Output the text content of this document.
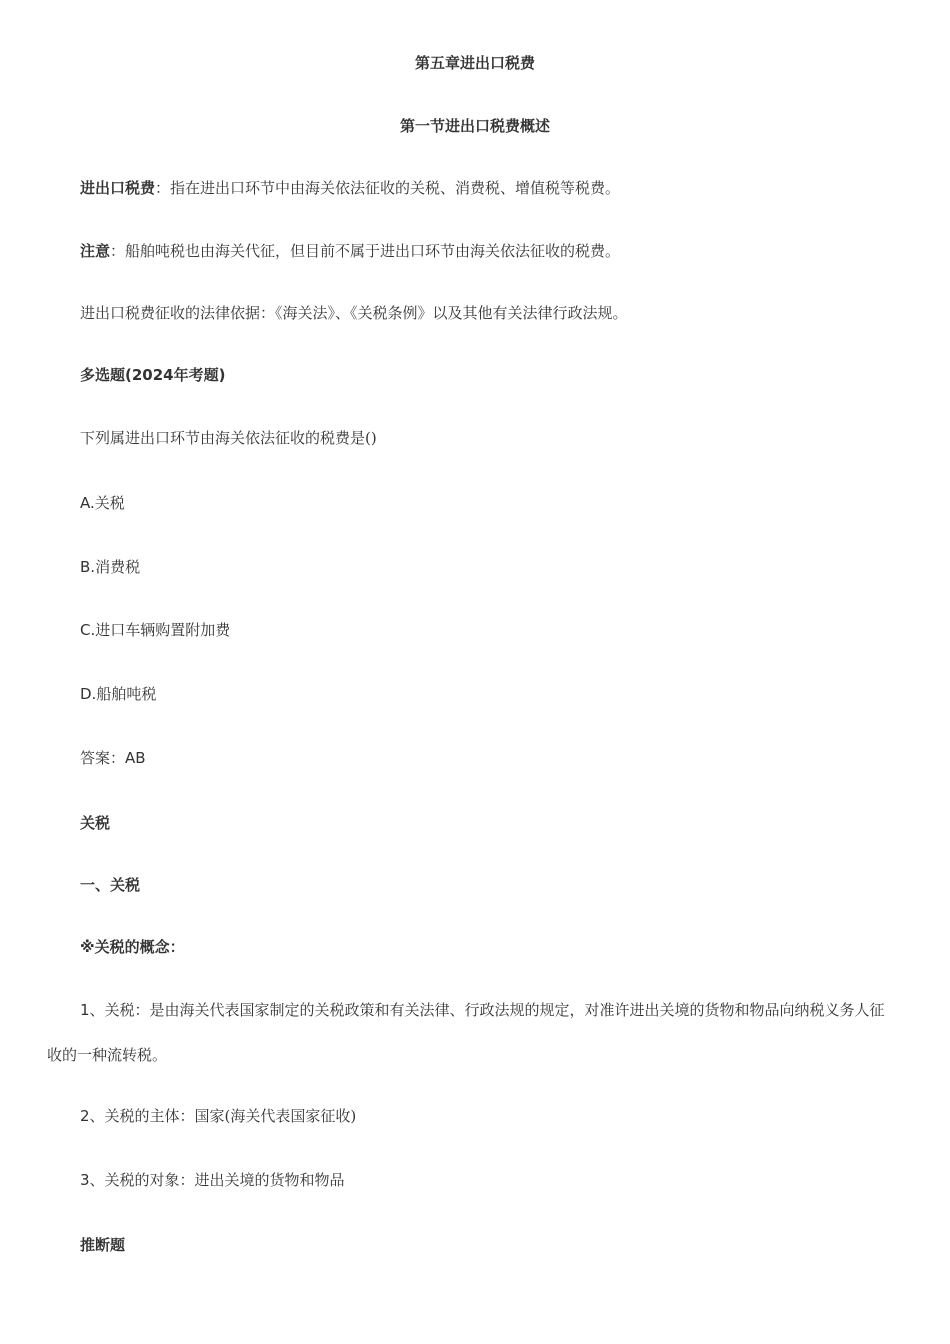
第五章进出口税费
第一节进出口税费概述
进出口税费：指在进出口环节中由海关依法征收的关税、消费税、增值税等税费。
注意：船舶吨税也由海关代征，但目前不属于进出口环节由海关依法征收的税费。
进出口税费征收的法律依据：《海关法》、《关税条例》以及其他有关法律行政法规。
多选题(2024年考题)
下列属进出口环节由海关依法征收的税费是()
A.关税
B.消费税
C.进口车辆购置附加费
D.船舶吨税
答案：AB
关税
一、关税
※关税的概念：
1、关税：是由海关代表国家制定的关税政策和有关法律、行政法规的规定，对准许进出关境的货物和物品向纳税义务人征收的一种流转税。
2、关税的主体：国家(海关代表国家征收)
3、关税的对象：进出关境的货物和物品
推断题
